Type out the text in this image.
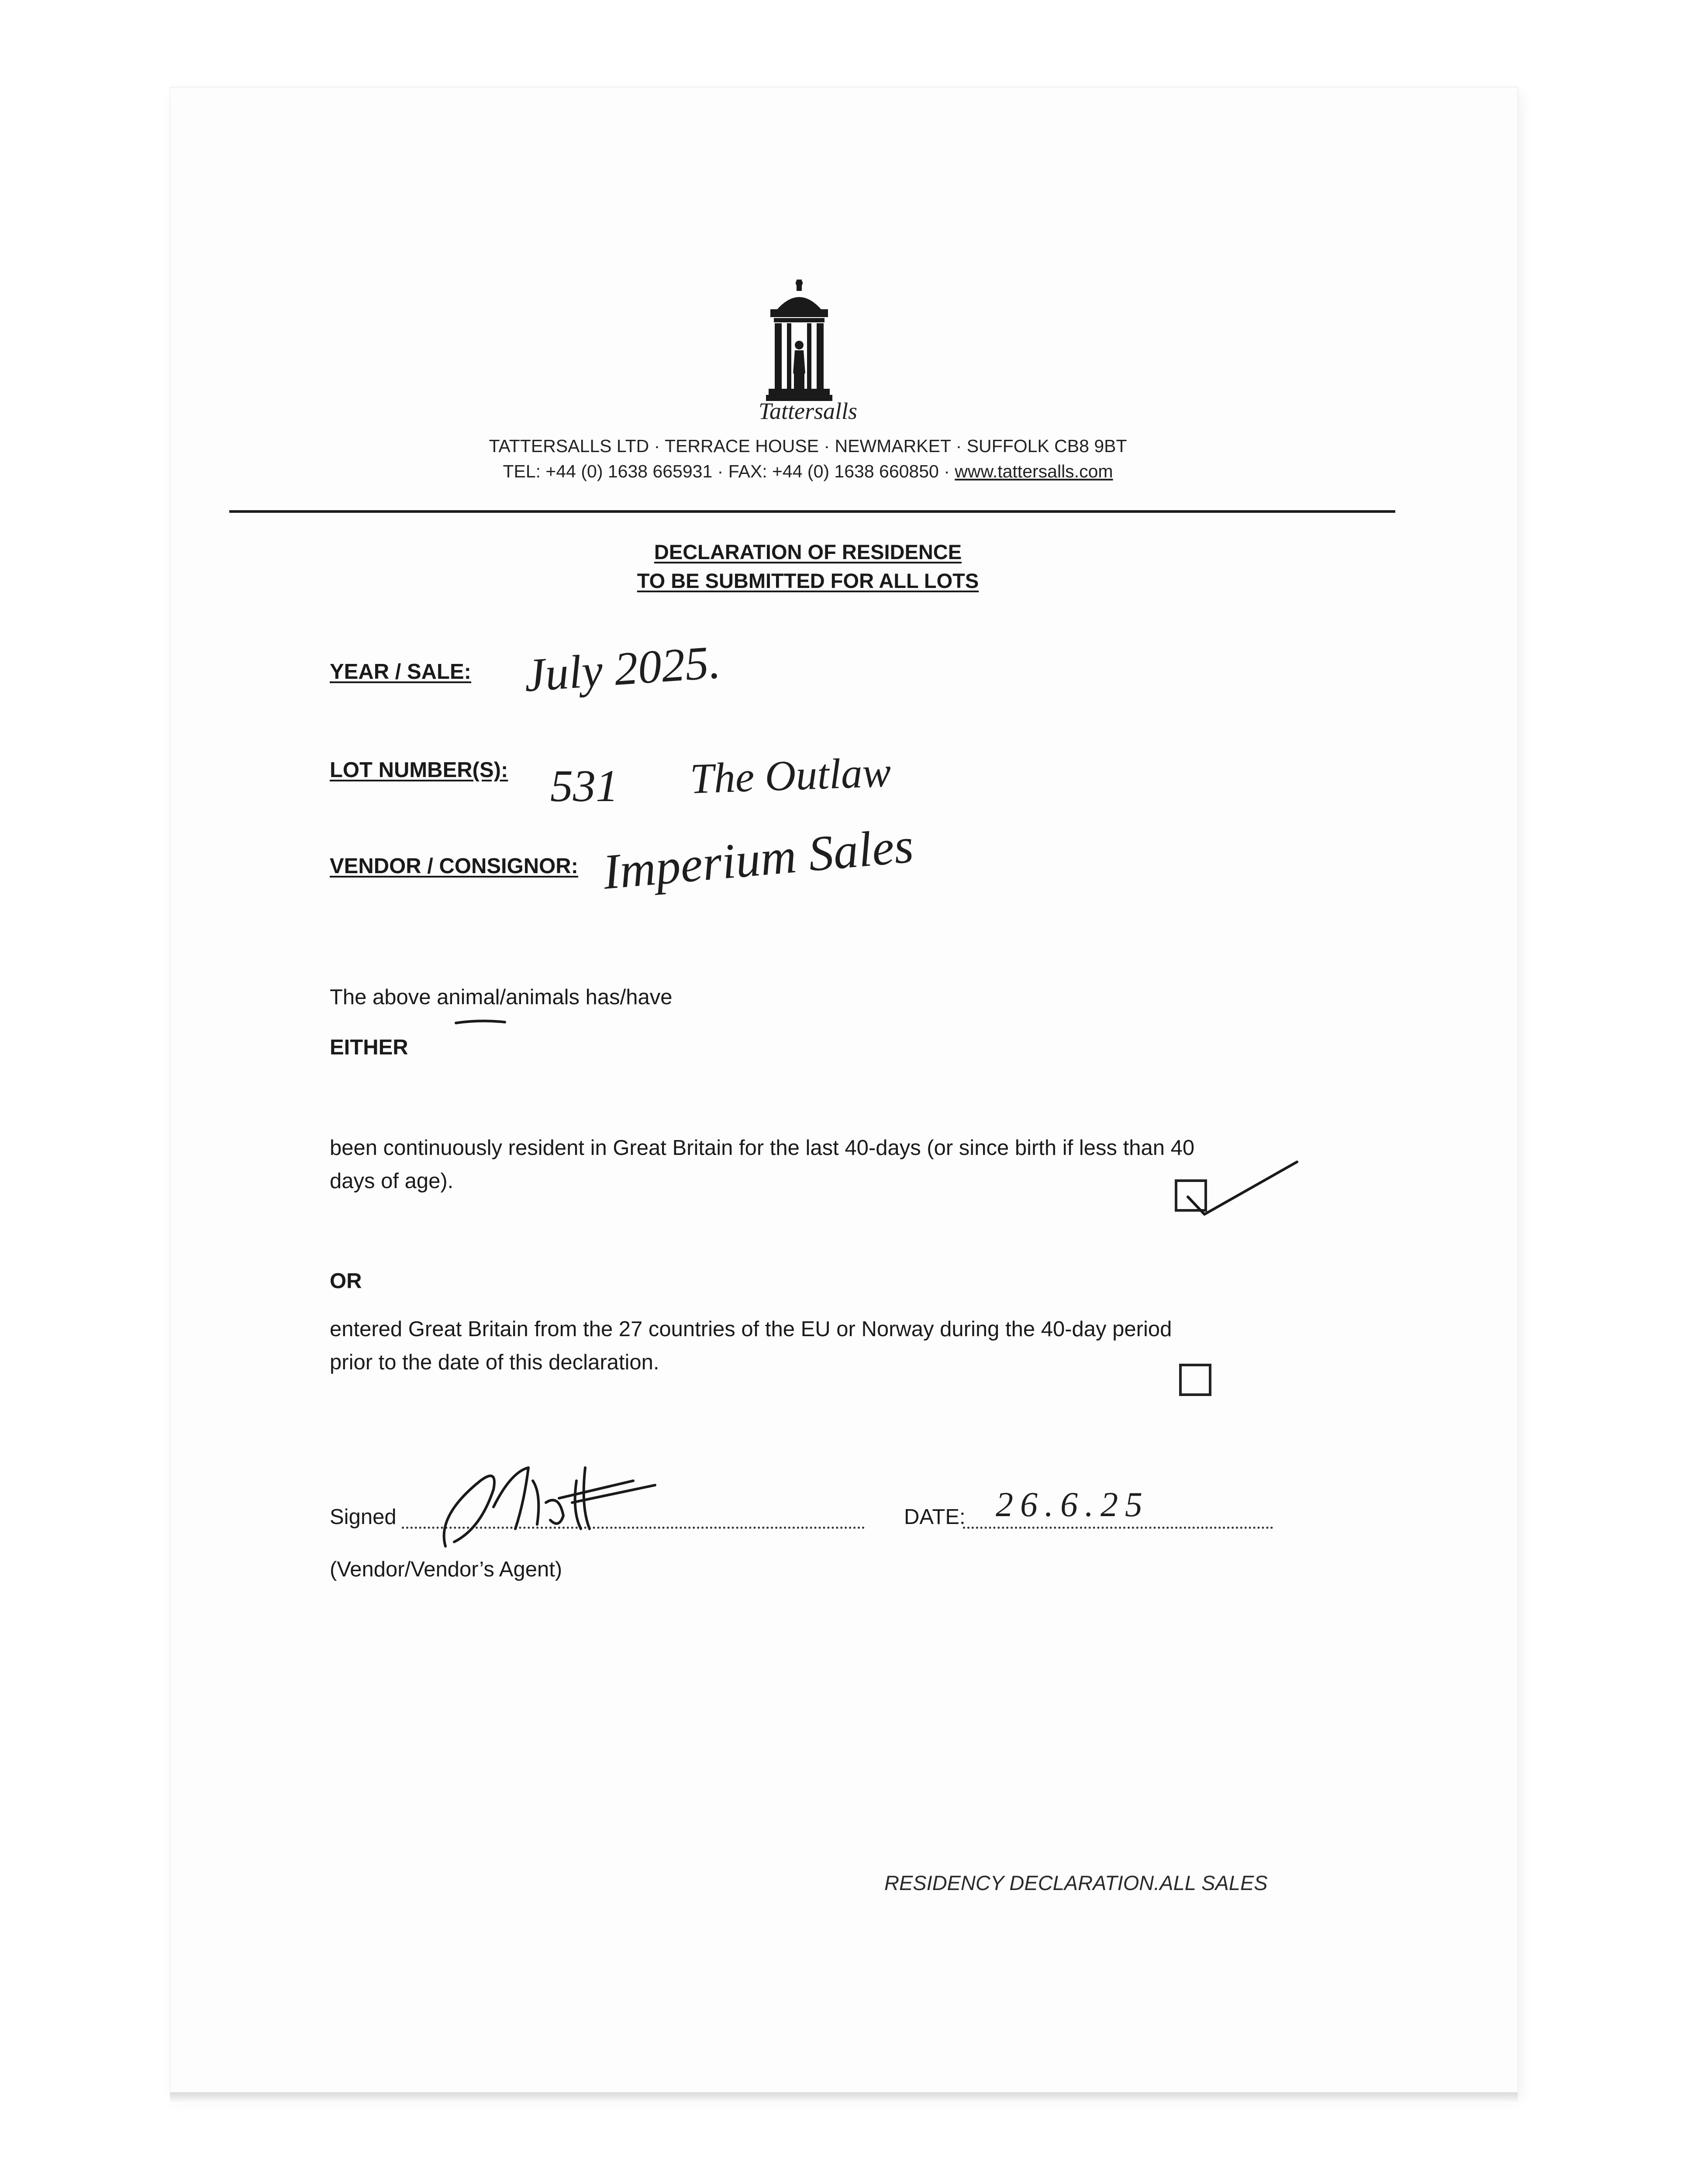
Tattersalls
TATTERSALLS LTD · TERRACE HOUSE · NEWMARKET · SUFFOLK CB8 9BT
TEL: +44 (0) 1638 665931 · FAX: +44 (0) 1638 660850 · www.tattersalls.com
DECLARATION OF RESIDENCE
TO BE SUBMITTED FOR ALL LOTS
YEAR / SALE: July 2025.
LOT NUMBER(S): 531 The Outlaw
VENDOR / CONSIGNOR: Imperium Sales
The above animal/animals has/have
EITHER
been continuously resident in Great Britain for the last 40-days (or since birth if less than 40
days of age).
OR
entered Great Britain from the 27 countries of the EU or Norway during the 40-day period
prior to the date of this declaration.
Signed	DATE: 26.6.25
(Vendor/Vendor’s Agent)
RESIDENCY DECLARATION.ALL SALES
